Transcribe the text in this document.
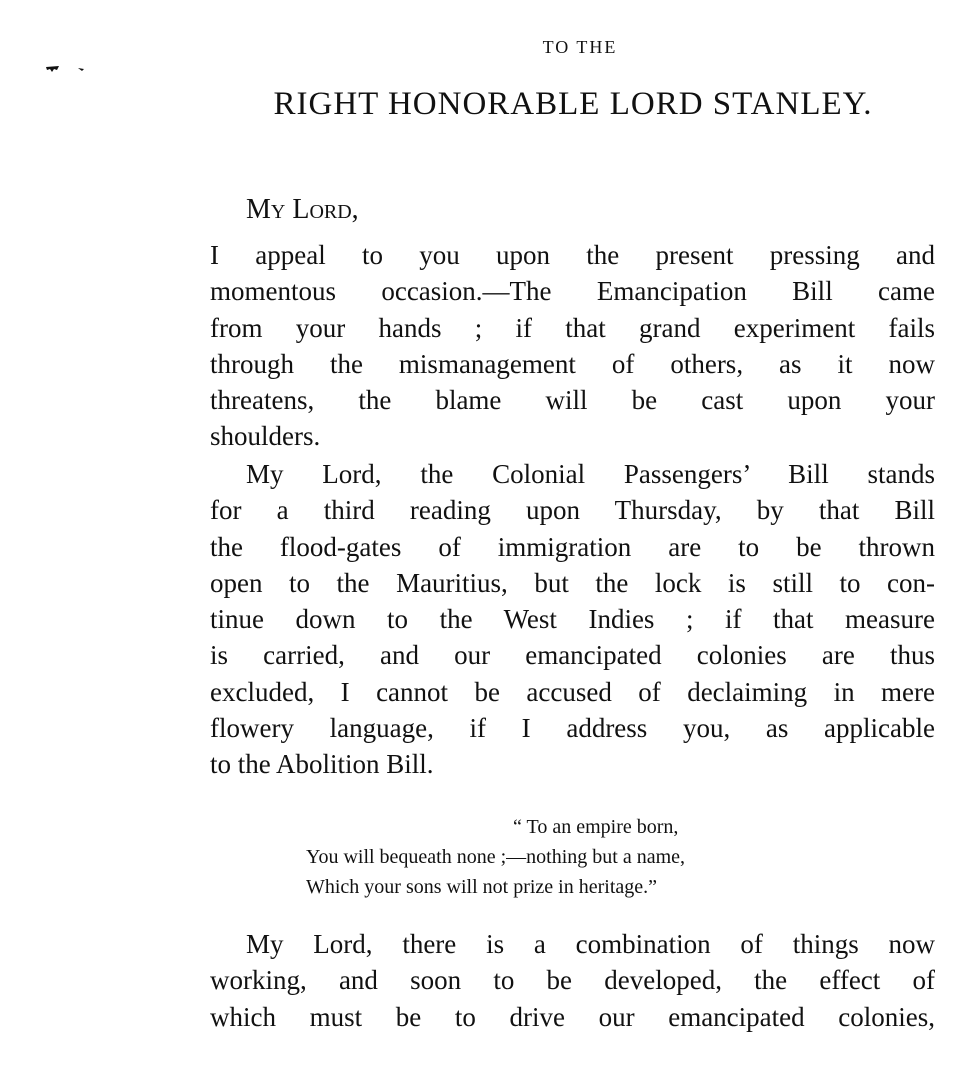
TO THE
RIGHT HONORABLE LORD STANLEY.
My Lord,
I appeal to you upon the present pressing and
momentous occasion.—The Emancipation Bill came
from your hands ; if that grand experiment fails
through the mismanagement of others, as it now
threatens, the blame will be cast upon your
shoulders.
My Lord, the Colonial Passengers’ Bill stands
for a third reading upon Thursday, by that Bill
the flood-gates of immigration are to be thrown
open to the Mauritius, but the lock is still to con-
tinue down to the West Indies ; if that measure
is carried, and our emancipated colonies are thus
excluded, I cannot be accused of declaiming in mere
flowery language, if I address you, as applicable
to the Abolition Bill.
“ To an empire born,
You will bequeath none ;—nothing but a name,
Which your sons will not prize in heritage.”
My Lord, there is a combination of things now
working, and soon to be developed, the effect of
which must be to drive our emancipated colonies,
